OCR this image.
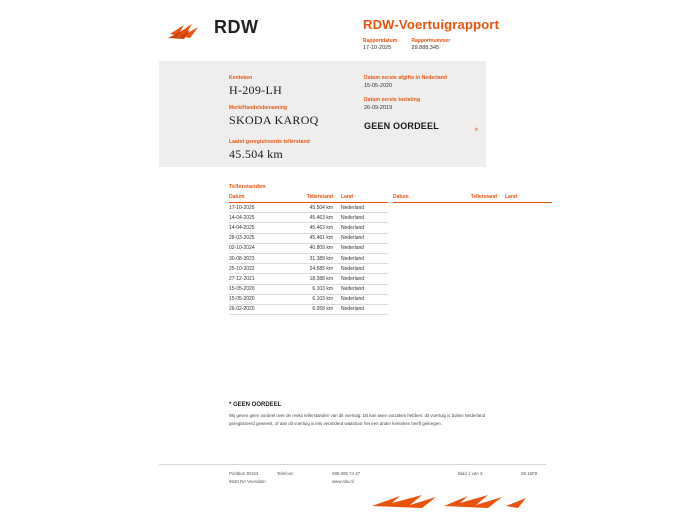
RDW	RDW-Voertuigrapport
Rapportdatum	Rapportnummer
17-10-2025	29.888.345
Kenteken
H-209-LH
Merk/Handelsbenaming
SKODA KAROQ
Laatst geregistreerde tellerstand
45.504 km
Datum eerste afgifte in Nederland
15-05-2020
Datum eerste toelating
26-09-2019
GEEN OORDEEL	*
Tellerstanden
Datum	Tellerstand	Land
17-10-2025	45.504 km	Nederland
14-04-2025	45.463 km	Nederland
14-04-2025	45.463 km	Nederland
28-03-2025	45.461 km	Nederland
02-10-2024	40.809 km	Nederland
30-08-2023	31.389 km	Nederland
25-10-2022	24.585 km	Nederland
27-12-2021	18.388 km	Nederland
15-05-2020	6.103 km	Nederland
15-05-2020	6.103 km	Nederland
26-02-2020	6.058 km	Nederland
Datum	Tellerstand	Land
* GEEN OORDEEL
Wij geven geen oordeel over de reeks tellerstanden van dit voertuig. Dit kan twee oorzaken hebben: dit voertuig is buiten Nederland geregistreerd geweest, of aan dit voertuig is iets veranderd waardoor het een ander kenteken heeft gekregen.
Postbus 30163
9640 RA Veendam
Telefoon	088 008 74 47
www.rdw.nl
Blad 1 van 3	08 16F8
